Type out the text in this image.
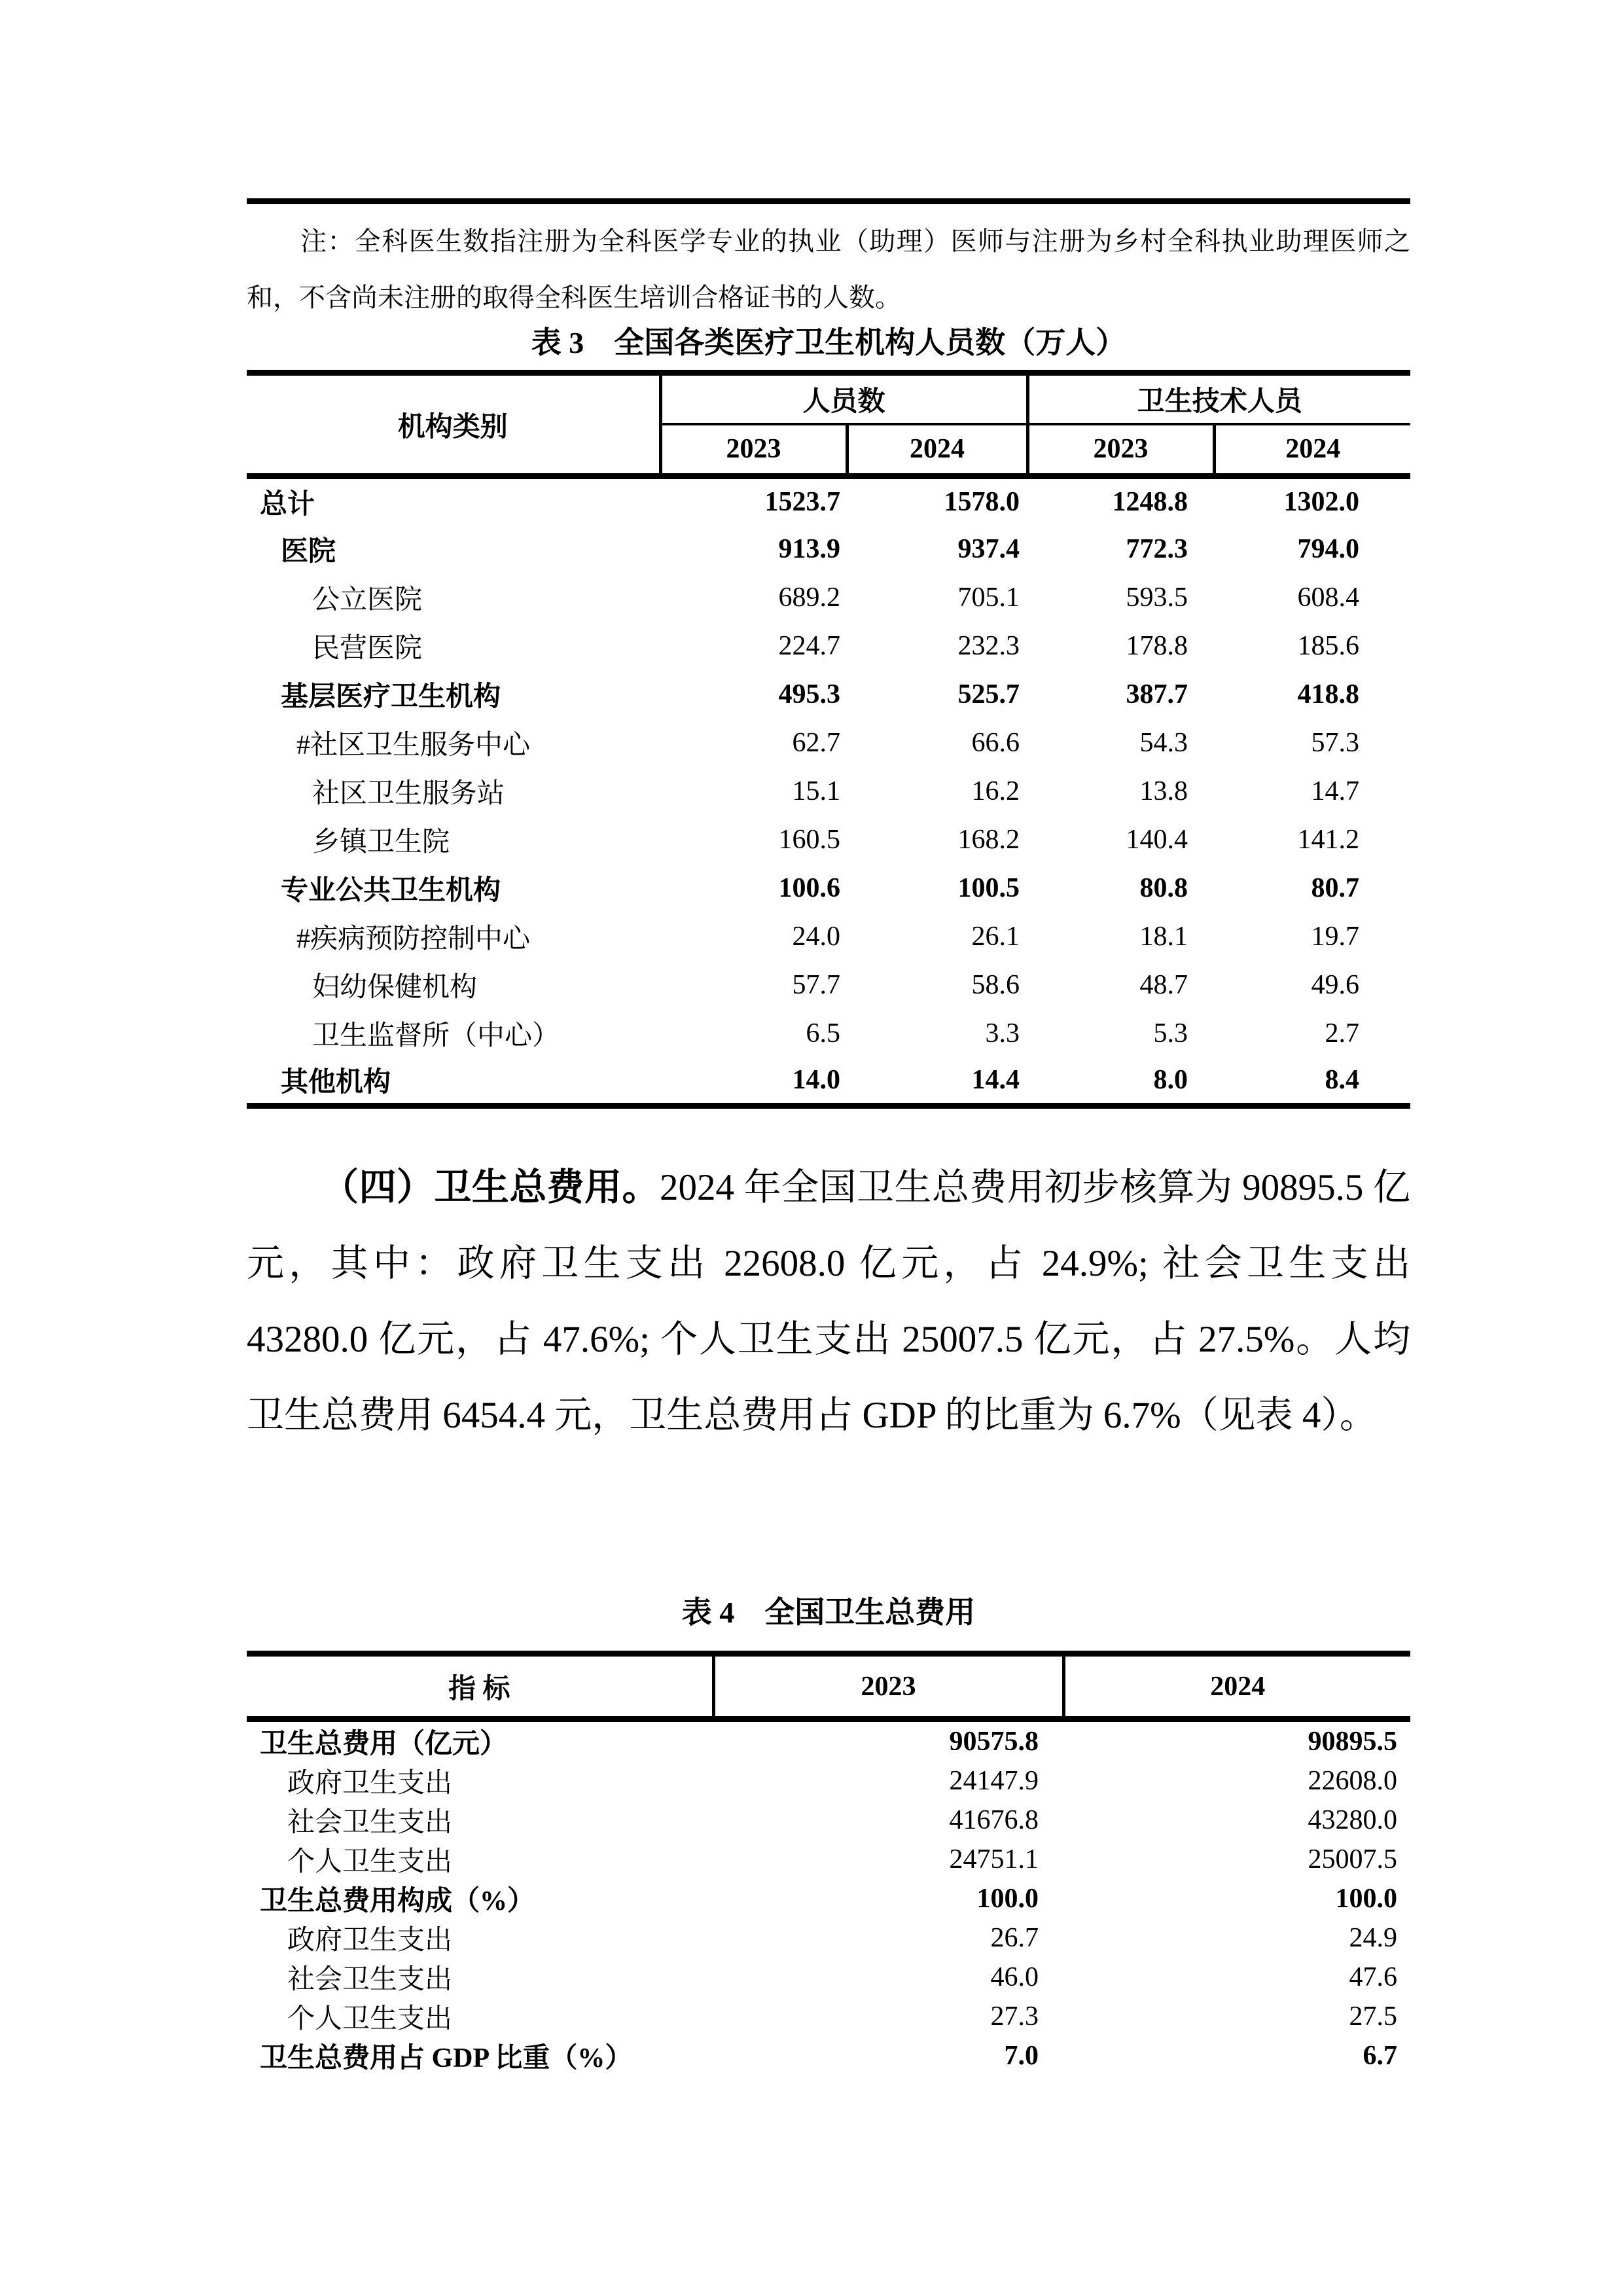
注：全科医生数指注册为全科医学专业的执业（助理）医师与注册为乡村全科执业助理医师之和，不含尚未注册的取得全科医生培训合格证书的人数。
表 3　全国各类医疗卫生机构人员数（万人）
机构类别	人员数		卫生技术人员	
	2023	2024	2023	2024
总计	1523.7	1578.0	1248.8	1302.0
医院	913.9	937.4	772.3	794.0
公立医院	689.2	705.1	593.5	608.4
民营医院	224.7	232.3	178.8	185.6
基层医疗卫生机构	495.3	525.7	387.7	418.8
#社区卫生服务中心	62.7	66.6	54.3	57.3
社区卫生服务站	15.1	16.2	13.8	14.7
乡镇卫生院	160.5	168.2	140.4	141.2
专业公共卫生机构	100.6	100.5	80.8	80.7
#疾病预防控制中心	24.0	26.1	18.1	19.7
妇幼保健机构	57.7	58.6	48.7	49.6
卫生监督所（中心）	6.5	3.3	5.3	2.7
其他机构	14.0	14.4	8.0	8.4
（四）卫生总费用。2024 年全国卫生总费用初步核算为 90895.5 亿元，其中：政府卫生支出 22608.0 亿元，占 24.9%; 社会卫生支出 43280.0 亿元，占 47.6%; 个人卫生支出 25007.5 亿元，占 27.5%。人均卫生总费用 6454.4 元，卫生总费用占 GDP 的比重为 6.7%（见表 4）。
表 4　全国卫生总费用
指 标	2023	2024
卫生总费用（亿元）	90575.8	90895.5
政府卫生支出	24147.9	22608.0
社会卫生支出	41676.8	43280.0
个人卫生支出	24751.1	25007.5
卫生总费用构成（%）	100.0	100.0
政府卫生支出	26.7	24.9
社会卫生支出	46.0	47.6
个人卫生支出	27.3	27.5
卫生总费用占 GDP 比重（%）	7.0	6.7
